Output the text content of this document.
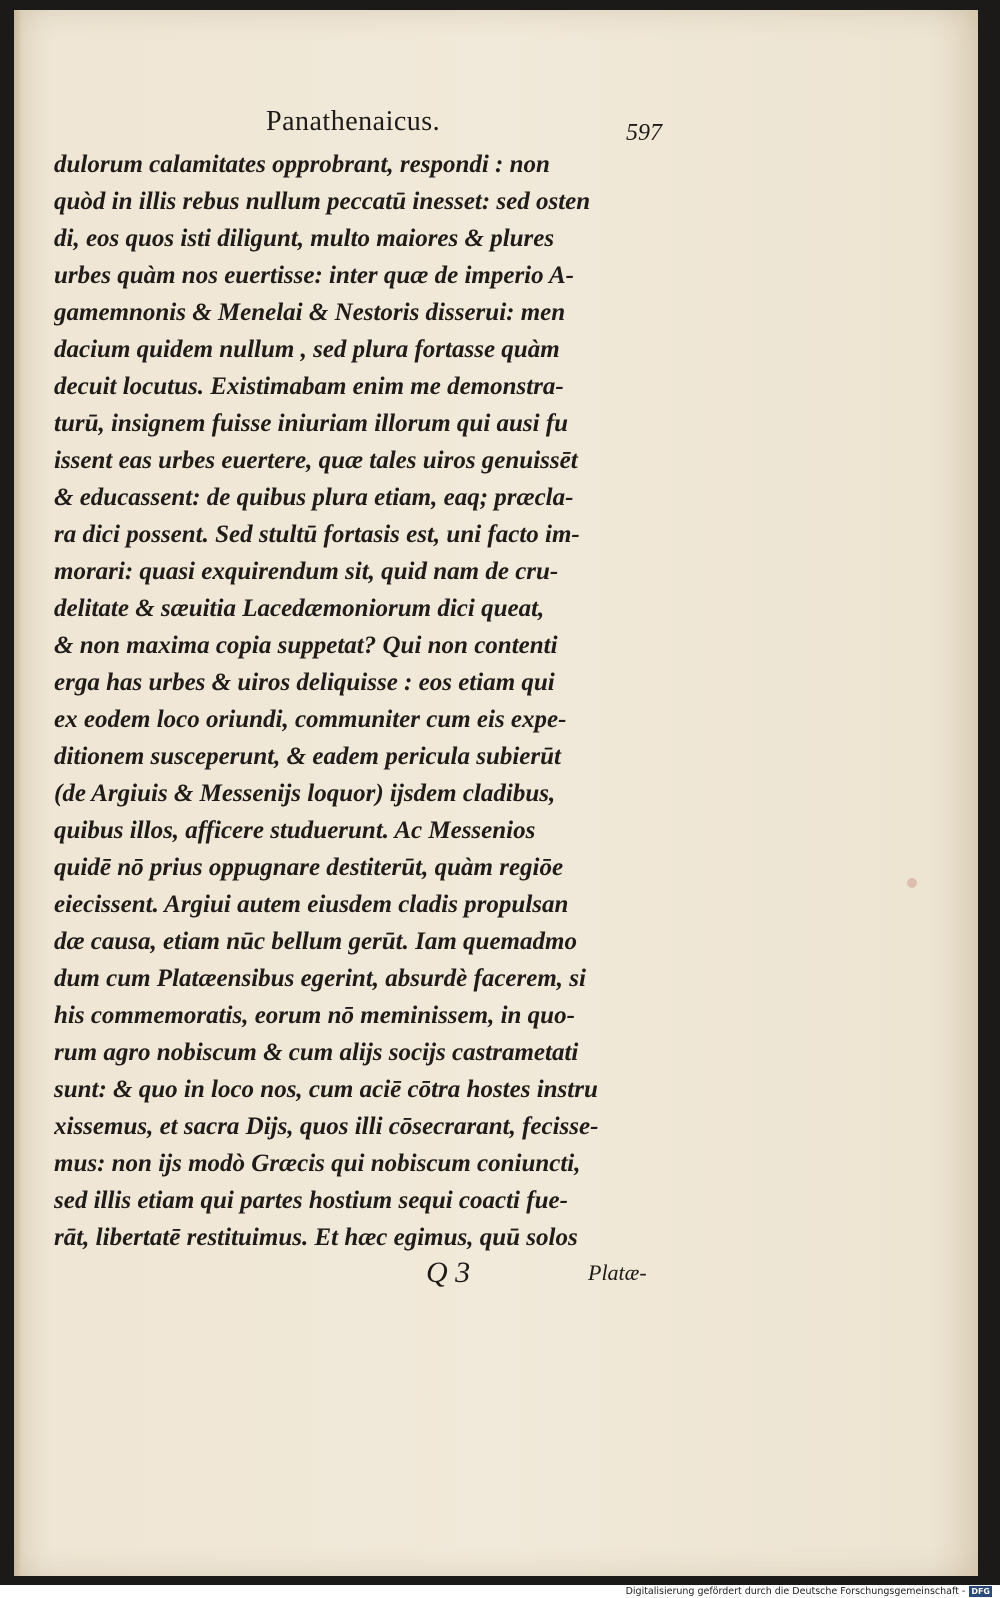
Panathenaicus.	597
dulorum calamitates opprobrant, respondi : non
quòd in illis rebus nullum peccatū inesset: sed osten
di, eos quos isti diligunt, multo maiores & plures
urbes quàm nos euertisse: inter quæ de imperio A-
gamemnonis & Menelai & Nestoris disserui: men
dacium quidem nullum , sed plura fortasse quàm
decuit locutus. Existimabam enim me demonstra-
turū, insignem fuisse iniuriam illorum qui ausi fu
issent eas urbes euertere, quæ tales uiros genuissēt
& educassent: de quibus plura etiam, eaq; præcla-
ra dici possent. Sed stultū fortasis est, uni facto im-
morari: quasi exquirendum sit, quid nam de cru-
delitate & sæuitia Lacedæmoniorum dici queat,
& non maxima copia suppetat? Qui non contenti
erga has urbes & uiros deliquisse : eos etiam qui
ex eodem loco oriundi, communiter cum eis expe-
ditionem susceperunt, & eadem pericula subierūt
(de Argiuis & Messenijs loquor) ijsdem cladibus,
quibus illos, afficere studuerunt. Ac Messenios
quidē nō prius oppugnare destiterūt, quàm regiōe
eiecissent. Argiui autem eiusdem cladis propulsan
dæ causa, etiam nūc bellum gerūt. Iam quemadmo
dum cum Platæensibus egerint, absurdè facerem, si
his commemoratis, eorum nō meminissem, in quo-
rum agro nobiscum & cum alijs socijs castrametati
sunt: & quo in loco nos, cum aciē cōtra hostes instru
xissemus, et sacra Dijs, quos illi cōsecrarant, fecisse-
mus: non ijs modò Græcis qui nobiscum coniuncti,
sed illis etiam qui partes hostium sequi coacti fue-
rāt, libertatē restituimus. Et hæc egimus, quū solos
Q 3	Platæ-
Digitalisierung gefördert durch die Deutsche Forschungsgemeinschaft - DFG
